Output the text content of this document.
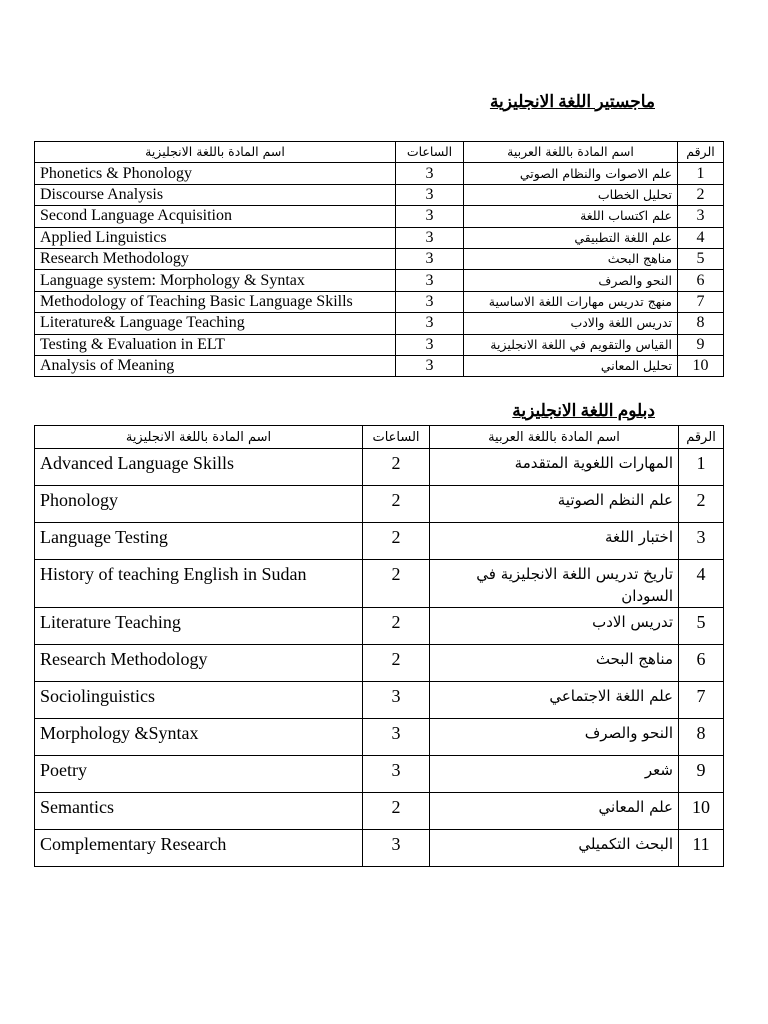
ماجستير اللغة الانجليزية
اسم المادة باللغة الانجليزية	الساعات	اسم المادة باللغة العربية	الرقم
Phonetics & Phonology	3	علم الاصوات والنظام الصوتي	1
Discourse Analysis	3	تحليل الخطاب	2
Second Language Acquisition	3	علم اكتساب اللغة	3
Applied Linguistics	3	علم اللغة التطبيقي	4
Research Methodology	3	مناهج البحث	5
Language system: Morphology & Syntax	3	النحو والصرف	6
Methodology of Teaching Basic Language Skills	3	منهج تدريس مهارات اللغة الاساسية	7
Literature& Language Teaching	3	تدريس اللغة والادب	8
Testing & Evaluation in ELT	3	القياس والتقويم في اللغة الانجليزية	9
Analysis of Meaning	3	تحليل المعاني	10
دبلوم اللغة الانجليزية
اسم المادة باللغة الانجليزية	الساعات	اسم المادة باللغة العربية	الرقم
Advanced Language Skills	2	المهارات اللغوية المتقدمة	1
Phonology	2	علم النظم الصوتية	2
Language Testing	2	اختبار اللغة	3
History of teaching English in Sudan	2	تاريخ تدريس اللغة الانجليزية في السودان	4
Literature Teaching	2	تدريس الادب	5
Research Methodology	2	مناهج البحث	6
Sociolinguistics	3	علم اللغة الاجتماعي	7
Morphology &Syntax	3	النحو والصرف	8
Poetry	3	شعر	9
Semantics	2	علم المعاني	10
Complementary Research	3	البحث التكميلي	11
